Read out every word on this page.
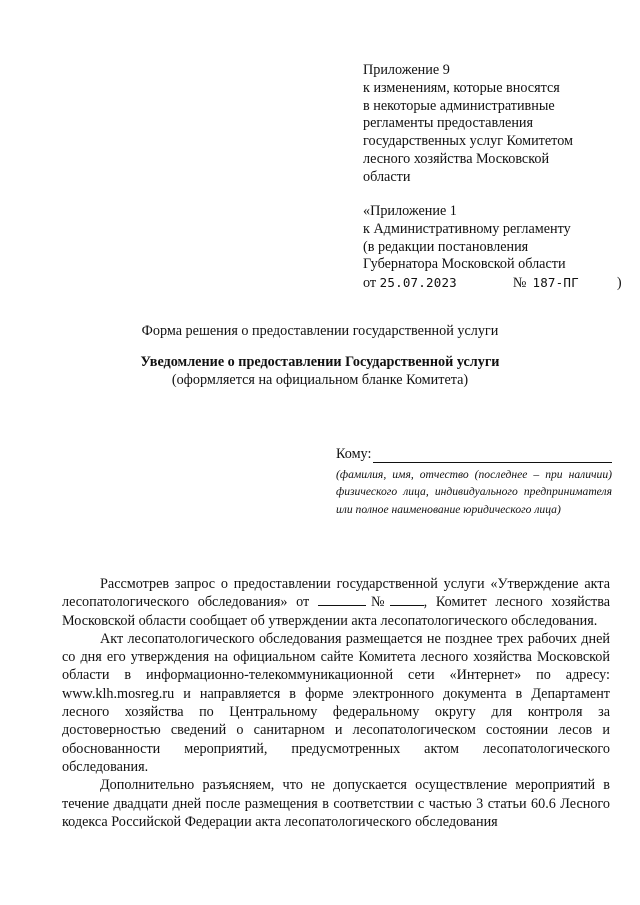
Приложение 9
к изменениям, которые вносятся
в некоторые административные
регламенты предоставления
государственных услуг Комитетом
лесного хозяйства Московской
области
«Приложение 1
к Административному регламенту
(в редакции постановления
Губернатора Московской области
от 25.07.2023	№ 187-ПГ	)
Форма решения о предоставлении государственной услуги
Уведомление о предоставлении Государственной услуги
(оформляется на официальном бланке Комитета)
Кому:
(фамилия, имя, отчество (последнее – при наличии) физического лица, индивидуального предпринимателя или полное наименование юридического лица)

Рассмотрев запрос о предоставлении государственной услуги «Утверждение акта лесопатологического обследования» от	№ , Комитет лесного хозяйства Московской области сообщает об утверждении акта лесопатологического обследования.

Акт лесопатологического обследования размещается не позднее трех рабочих дней со дня его утверждения на официальном сайте Комитета лесного хозяйства Московской области в информационно-телекоммуникационной сети «Интернет» по адресу: www.klh.mosreg.ru и направляется в форме электронного документа в Департамент лесного хозяйства по Центральному федеральному округу для контроля за достоверностью сведений о санитарном и лесопатологическом состоянии лесов и обоснованности мероприятий, предусмотренных актом лесопатологического обследования.

Дополнительно разъясняем, что не допускается осуществление мероприятий в течение двадцати дней после размещения в соответствии с частью 3 статьи 60.6 Лесного кодекса Российской Федерации акта лесопатологического обследования
